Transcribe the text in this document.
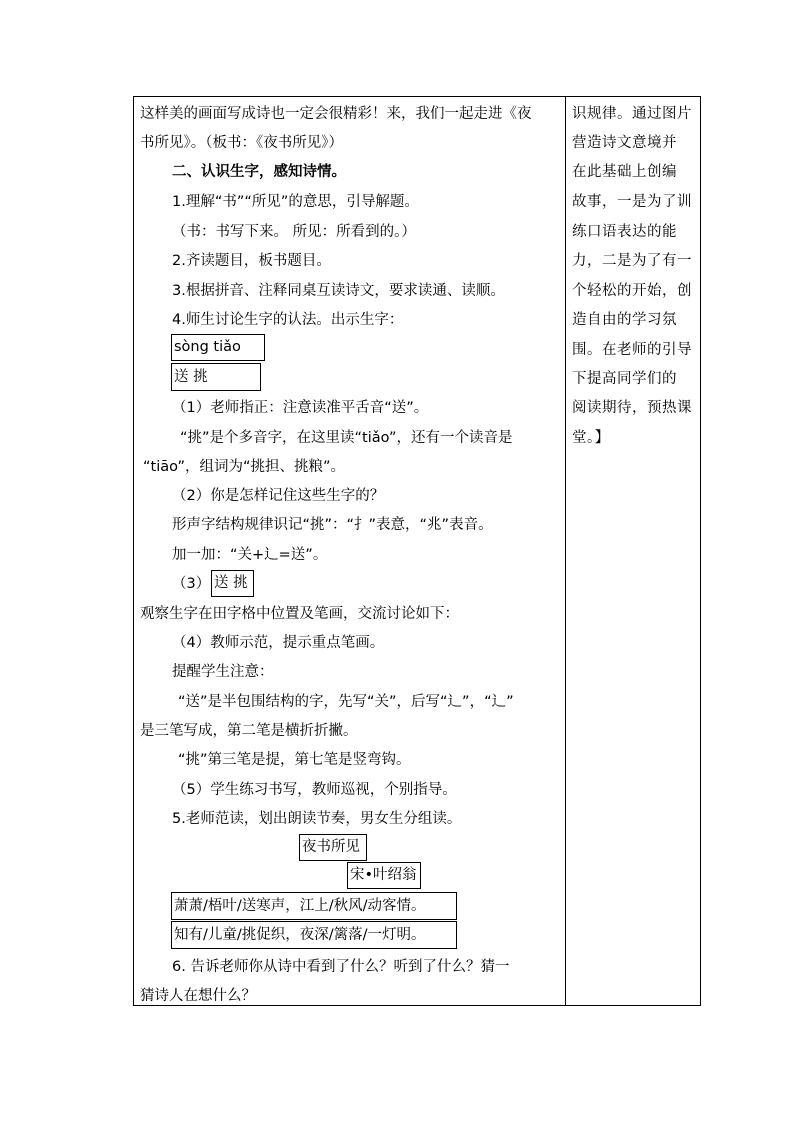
这样美的画面写成诗也一定会很精彩！来，我们一起走进《夜
书所见》。（板书：《夜书所见》）
二、认识生字，感知诗情。
1.理解“书”“所见”的意思，引导解题。
（书：书写下来。 所见：所看到的。）
2.齐读题目，板书题目。
3.根据拼音、注释同桌互读诗文，要求读通、读顺。
4.师生讨论生字的认法。出示生字：
sòng tiǎo
送 挑
（1）老师指正：注意读准平舌音“送”。
“挑”是个多音字，在这里读“tiǎo”，还有一个读音是
“tiāo”，组词为“挑担、挑粮”。
（2）你是怎样记住这些生字的？
形声字结构规律识记“挑”：“扌”表意，“兆”表音。
加一加：“关+辶=送”。
（3） 送 挑
观察生字在田字格中位置及笔画，交流讨论如下：
（4）教师示范，提示重点笔画。
提醒学生注意：
“送”是半包围结构的字，先写“关”，后写“辶”，“辶”
是三笔写成，第二笔是横折折撇。
“挑”第三笔是提，第七笔是竖弯钩。
（5）学生练习书写，教师巡视，个别指导。
5.老师范读，划出朗读节奏，男女生分组读。
夜书所见
宋•叶绍翁
萧萧/梧叶/送寒声，江上/秋风/动客情。
知有/儿童/挑促织，夜深/篱落/一灯明。
6. 告诉老师你从诗中看到了什么？听到了什么？猜一
猜诗人在想什么？
识规律。通过图片
营造诗文意境并
在此基础上创编
故事，一是为了训
练口语表达的能
力，二是为了有一
个轻松的开始，创
造自由的学习氛
围。在老师的引导
下提高同学们的
阅读期待，预热课
堂。】
